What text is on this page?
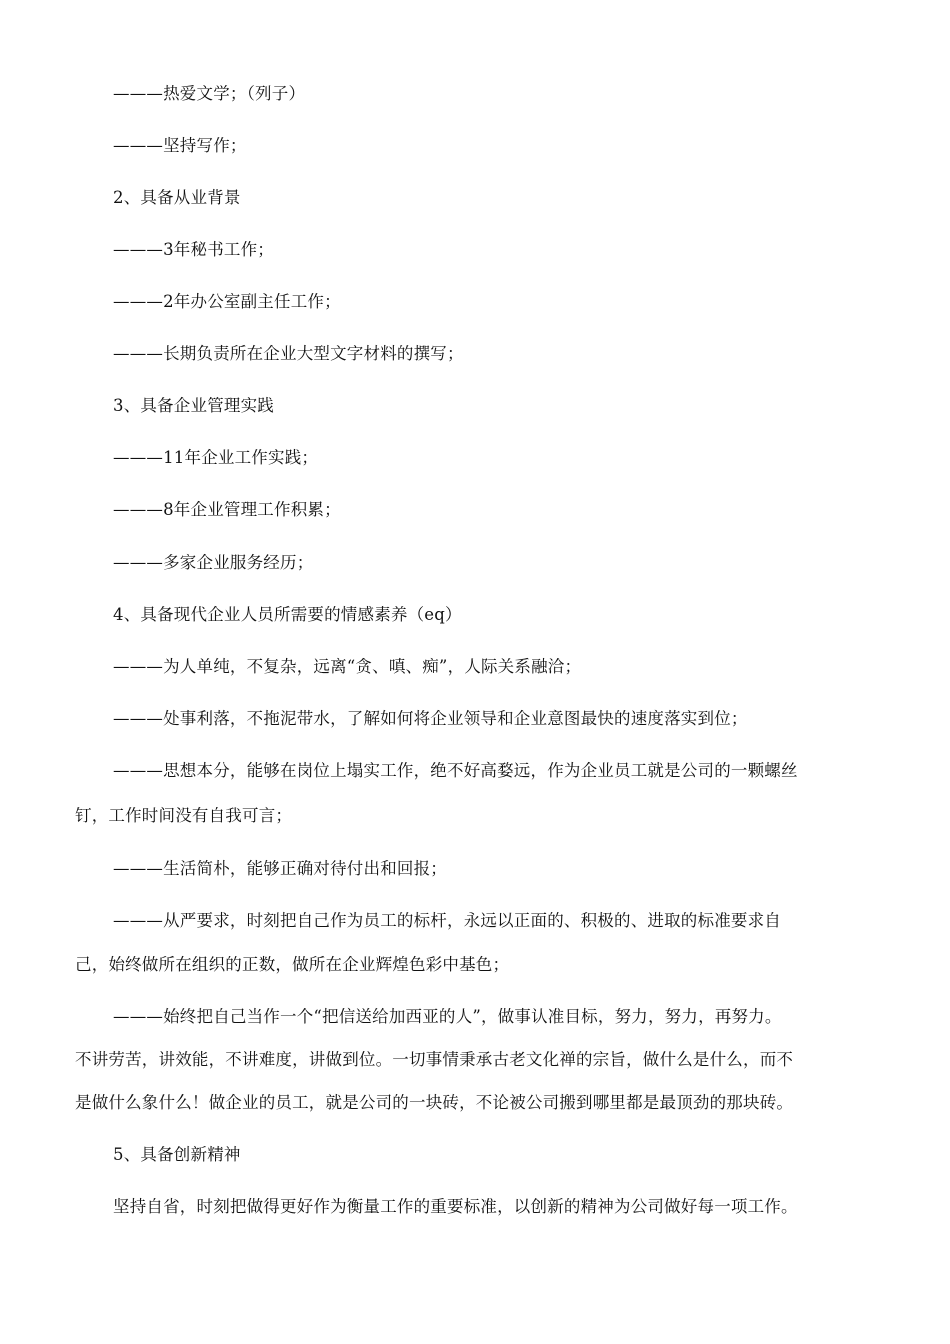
———热爱文学；（列子）
———坚持写作；
2、具备从业背景
———3年秘书工作；
———2年办公室副主任工作；
———长期负责所在企业大型文字材料的撰写；
3、具备企业管理实践
———11年企业工作实践；
———8年企业管理工作积累；
———多家企业服务经历；
4、具备现代企业人员所需要的情感素养（eq）
———为人单纯，不复杂，远离“贪、嗔、痴”，人际关系融洽；
———处事利落，不拖泥带水，了解如何将企业领导和企业意图最快的速度落实到位；
———思想本分，能够在岗位上塌实工作，绝不好高婺远，作为企业员工就是公司的一颗螺丝
钉，工作时间没有自我可言；
———生活简朴，能够正确对待付出和回报；
———从严要求，时刻把自己作为员工的标杆，永远以正面的、积极的、进取的标准要求自
己，始终做所在组织的正数，做所在企业辉煌色彩中基色；
———始终把自己当作一个“把信送给加西亚的人”，做事认准目标，努力，努力，再努力。
不讲劳苦，讲效能，不讲难度，讲做到位。一切事情秉承古老文化禅的宗旨，做什么是什么，而不
是做什么象什么！做企业的员工，就是公司的一块砖，不论被公司搬到哪里都是最顶劲的那块砖。
5、具备创新精神
坚持自省，时刻把做得更好作为衡量工作的重要标准，以创新的精神为公司做好每一项工作。
